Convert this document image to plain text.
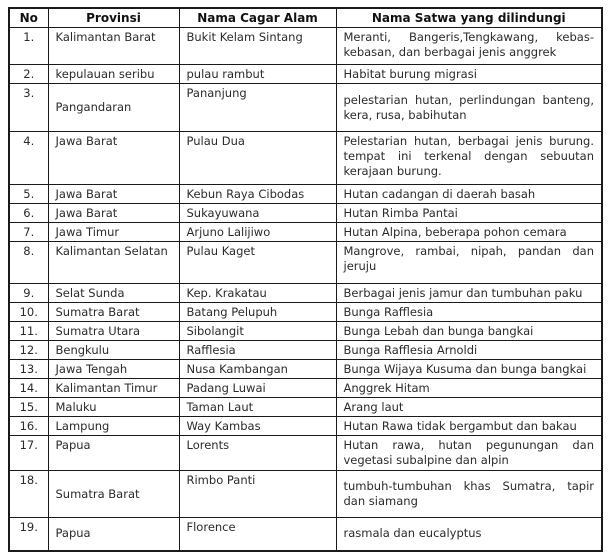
No	Provinsi	Nama Cagar Alam	Nama Satwa yang dilindungi
1.	Kalimantan Barat	Bukit Kelam Sintang	Meranti, Bangeris,Tengkawang, kebas-kebasan, dan berbagai jenis anggrek
2.	kepulauan seribu	pulau rambut	Habitat burung migrasi
3.	Pangandaran	Pananjung	pelestarian hutan, perlindungan banteng, kera, rusa, babihutan
4.	Jawa Barat	Pulau Dua	Pelestarian hutan, berbagai jenis burung. tempat ini terkenal dengan sebuutan kerajaan burung.
5.	Jawa Barat	Kebun Raya Cibodas	Hutan cadangan di daerah basah
6.	Jawa Barat	Sukayuwana	Hutan Rimba Pantai
7.	Jawa Timur	Arjuno Lalijiwo	Hutan Alpina, beberapa pohon cemara
8.	Kalimantan Selatan	Pulau Kaget	Mangrove, rambai, nipah, pandan dan jeruju
9.	Selat Sunda	Kep. Krakatau	Berbagai jenis jamur dan tumbuhan paku
10.	Sumatra Barat	Batang Pelupuh	Bunga Rafflesia
11.	Sumatra Utara	Sibolangit	Bunga Lebah dan bunga bangkai
12.	Bengkulu	Rafflesia	Bunga Rafflesia Arnoldi
13.	Jawa Tengah	Nusa Kambangan	Bunga Wijaya Kusuma dan bunga bangkai
14.	Kalimantan Timur	Padang Luwai	Anggrek Hitam
15.	Maluku	Taman Laut	Arang laut
16.	Lampung	Way Kambas	Hutan Rawa tidak bergambut dan bakau
17.	Papua	Lorents	Hutan rawa, hutan pegunungan dan vegetasi subalpine dan alpin
18.	Sumatra Barat	Rimbo Panti	tumbuh-tumbuhan khas Sumatra, tapir dan siamang
19.	Papua	Florence	rasmala dan eucalyptus
